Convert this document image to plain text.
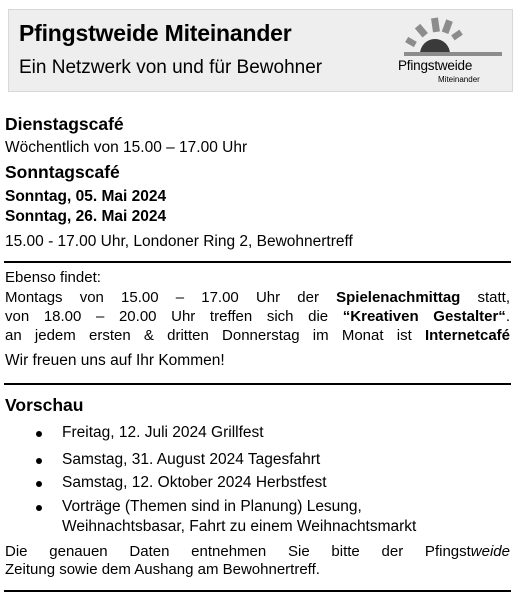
Pfingstweide Miteinander
Ein Netzwerk von und für Bewohner	Pfingstweide
Miteinander
Dienstagscafé
Wöchentlich von 15.00 – 17.00 Uhr
Sonntagscafé
Sonntag, 05. Mai 2024
Sonntag, 26. Mai 2024
15.00 - 17.00 Uhr, Londoner Ring 2, Bewohnertreff
Ebenso findet:
Montags von 15.00 – 17.00 Uhr der Spielenachmittag statt,
von 18.00 – 20.00 Uhr treffen sich die “Kreativen Gestalter“.
an jedem ersten & dritten Donnerstag im Monat ist Internetcafé
Wir freuen uns auf Ihr Kommen!
Vorschau
Freitag, 12. Juli 2024 Grillfest
Samstag, 31. August 2024 Tagesfahrt
Samstag, 12. Oktober 2024 Herbstfest
Vorträge (Themen sind in Planung) Lesung,
Weihnachtsbasar, Fahrt zu einem Weihnachtsmarkt
Die genauen Daten entnehmen Sie bitte der Pfingstweide
Zeitung sowie dem Aushang am Bewohnertreff.
